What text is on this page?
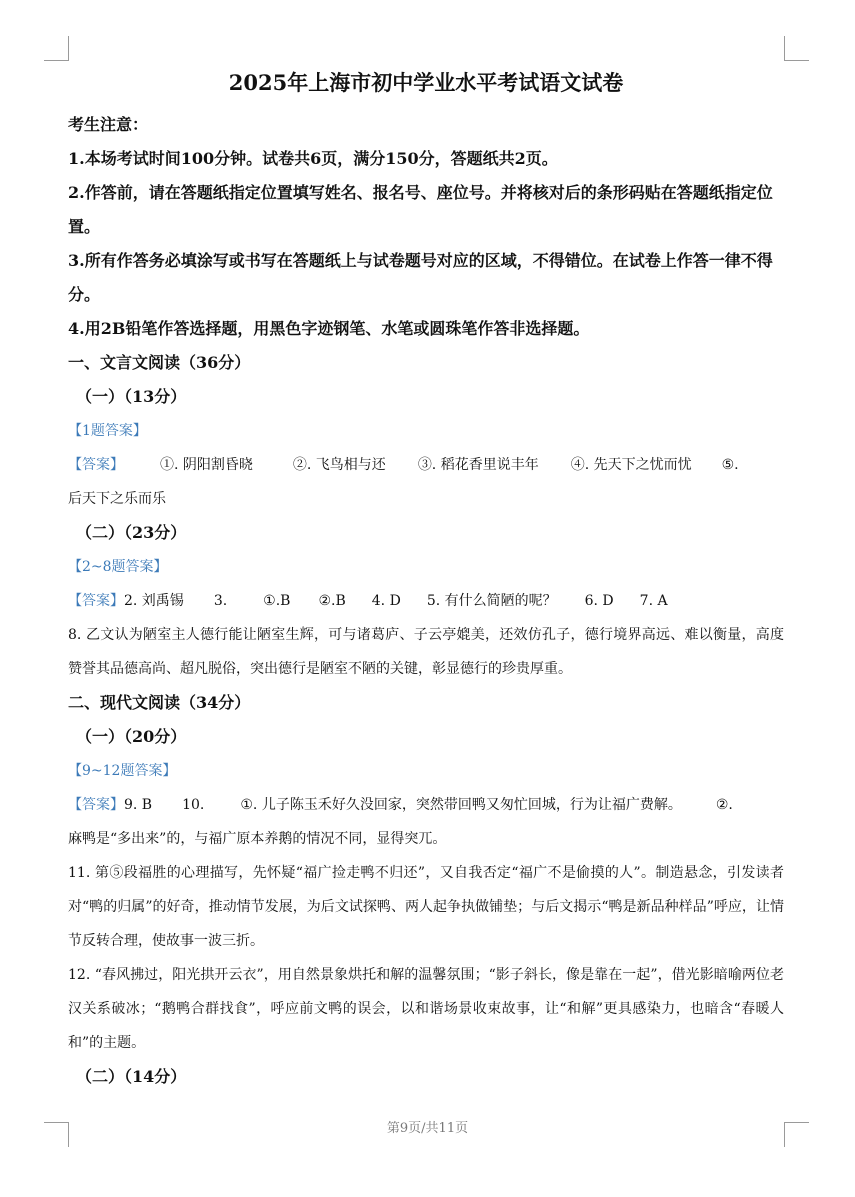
2025年上海市初中学业水平考试语文试卷

考生注意：

1.本场考试时间100分钟。试卷共6页，满分150分，答题纸共2页。

2.作答前，请在答题纸指定位置填写姓名、报名号、座位号。并将核对后的条形码贴在答题纸指定位置。

3.所有作答务必填涂写或书写在答题纸上与试卷题号对应的区域，不得错位。在试卷上作答一律不得分。

4.用2B铅笔作答选择题，用黑色字迹钢笔、水笔或圆珠笔作答非选择题。

一、文言文阅读（36分）

（一）（13分）

【1题答案】

【答案】	①. 阴阳割昏晓	②. 飞鸟相与还 ③. 稻花香里说丰年 ④. 先天下之忧而忧 ⑤.

后天下之乐而乐

（二）（23分）

【2~8题答案】

【答案】2. 刘禹锡 3.	①.B ②.B 4. D 5. 有什么简陋的呢？ 6. D 7. A

8. 乙文认为陋室主人德行能让陋室生辉，可与诸葛庐、子云亭媲美，还效仿孔子，德行境界高远、难以衡量，高度赞誉其品德高尚、超凡脱俗，突出德行是陋室不陋的关键，彰显德行的珍贵厚重。

二、现代文阅读（34分）

（一）（20分）

【9~12题答案】

【答案】9. B 10.	①. 儿子陈玉禾好久没回家，突然带回鸭又匆忙回城，行为让福广费解。 ②.

麻鸭是“多出来”的，与福广原本养鹅的情况不同，显得突兀。

11. 第⑤段福胜的心理描写，先怀疑“福广捡走鸭不归还”，又自我否定“福广不是偷摸的人”。制造悬念，引发读者对“鸭的归属”的好奇，推动情节发展，为后文试探鸭、两人起争执做铺垫；与后文揭示“鸭是新品种样品”呼应，让情节反转合理，使故事一波三折。

12. “春风拂过，阳光拱开云衣”，用自然景象烘托和解的温馨氛围；“影子斜长，像是靠在一起”，借光影暗喻两位老汉关系破冰；“鹅鸭合群找食”，呼应前文鸭的误会，以和谐场景收束故事，让“和解”更具感染力，也暗含“春暖人和”的主题。

（二）（14分）

第9页/共11页
